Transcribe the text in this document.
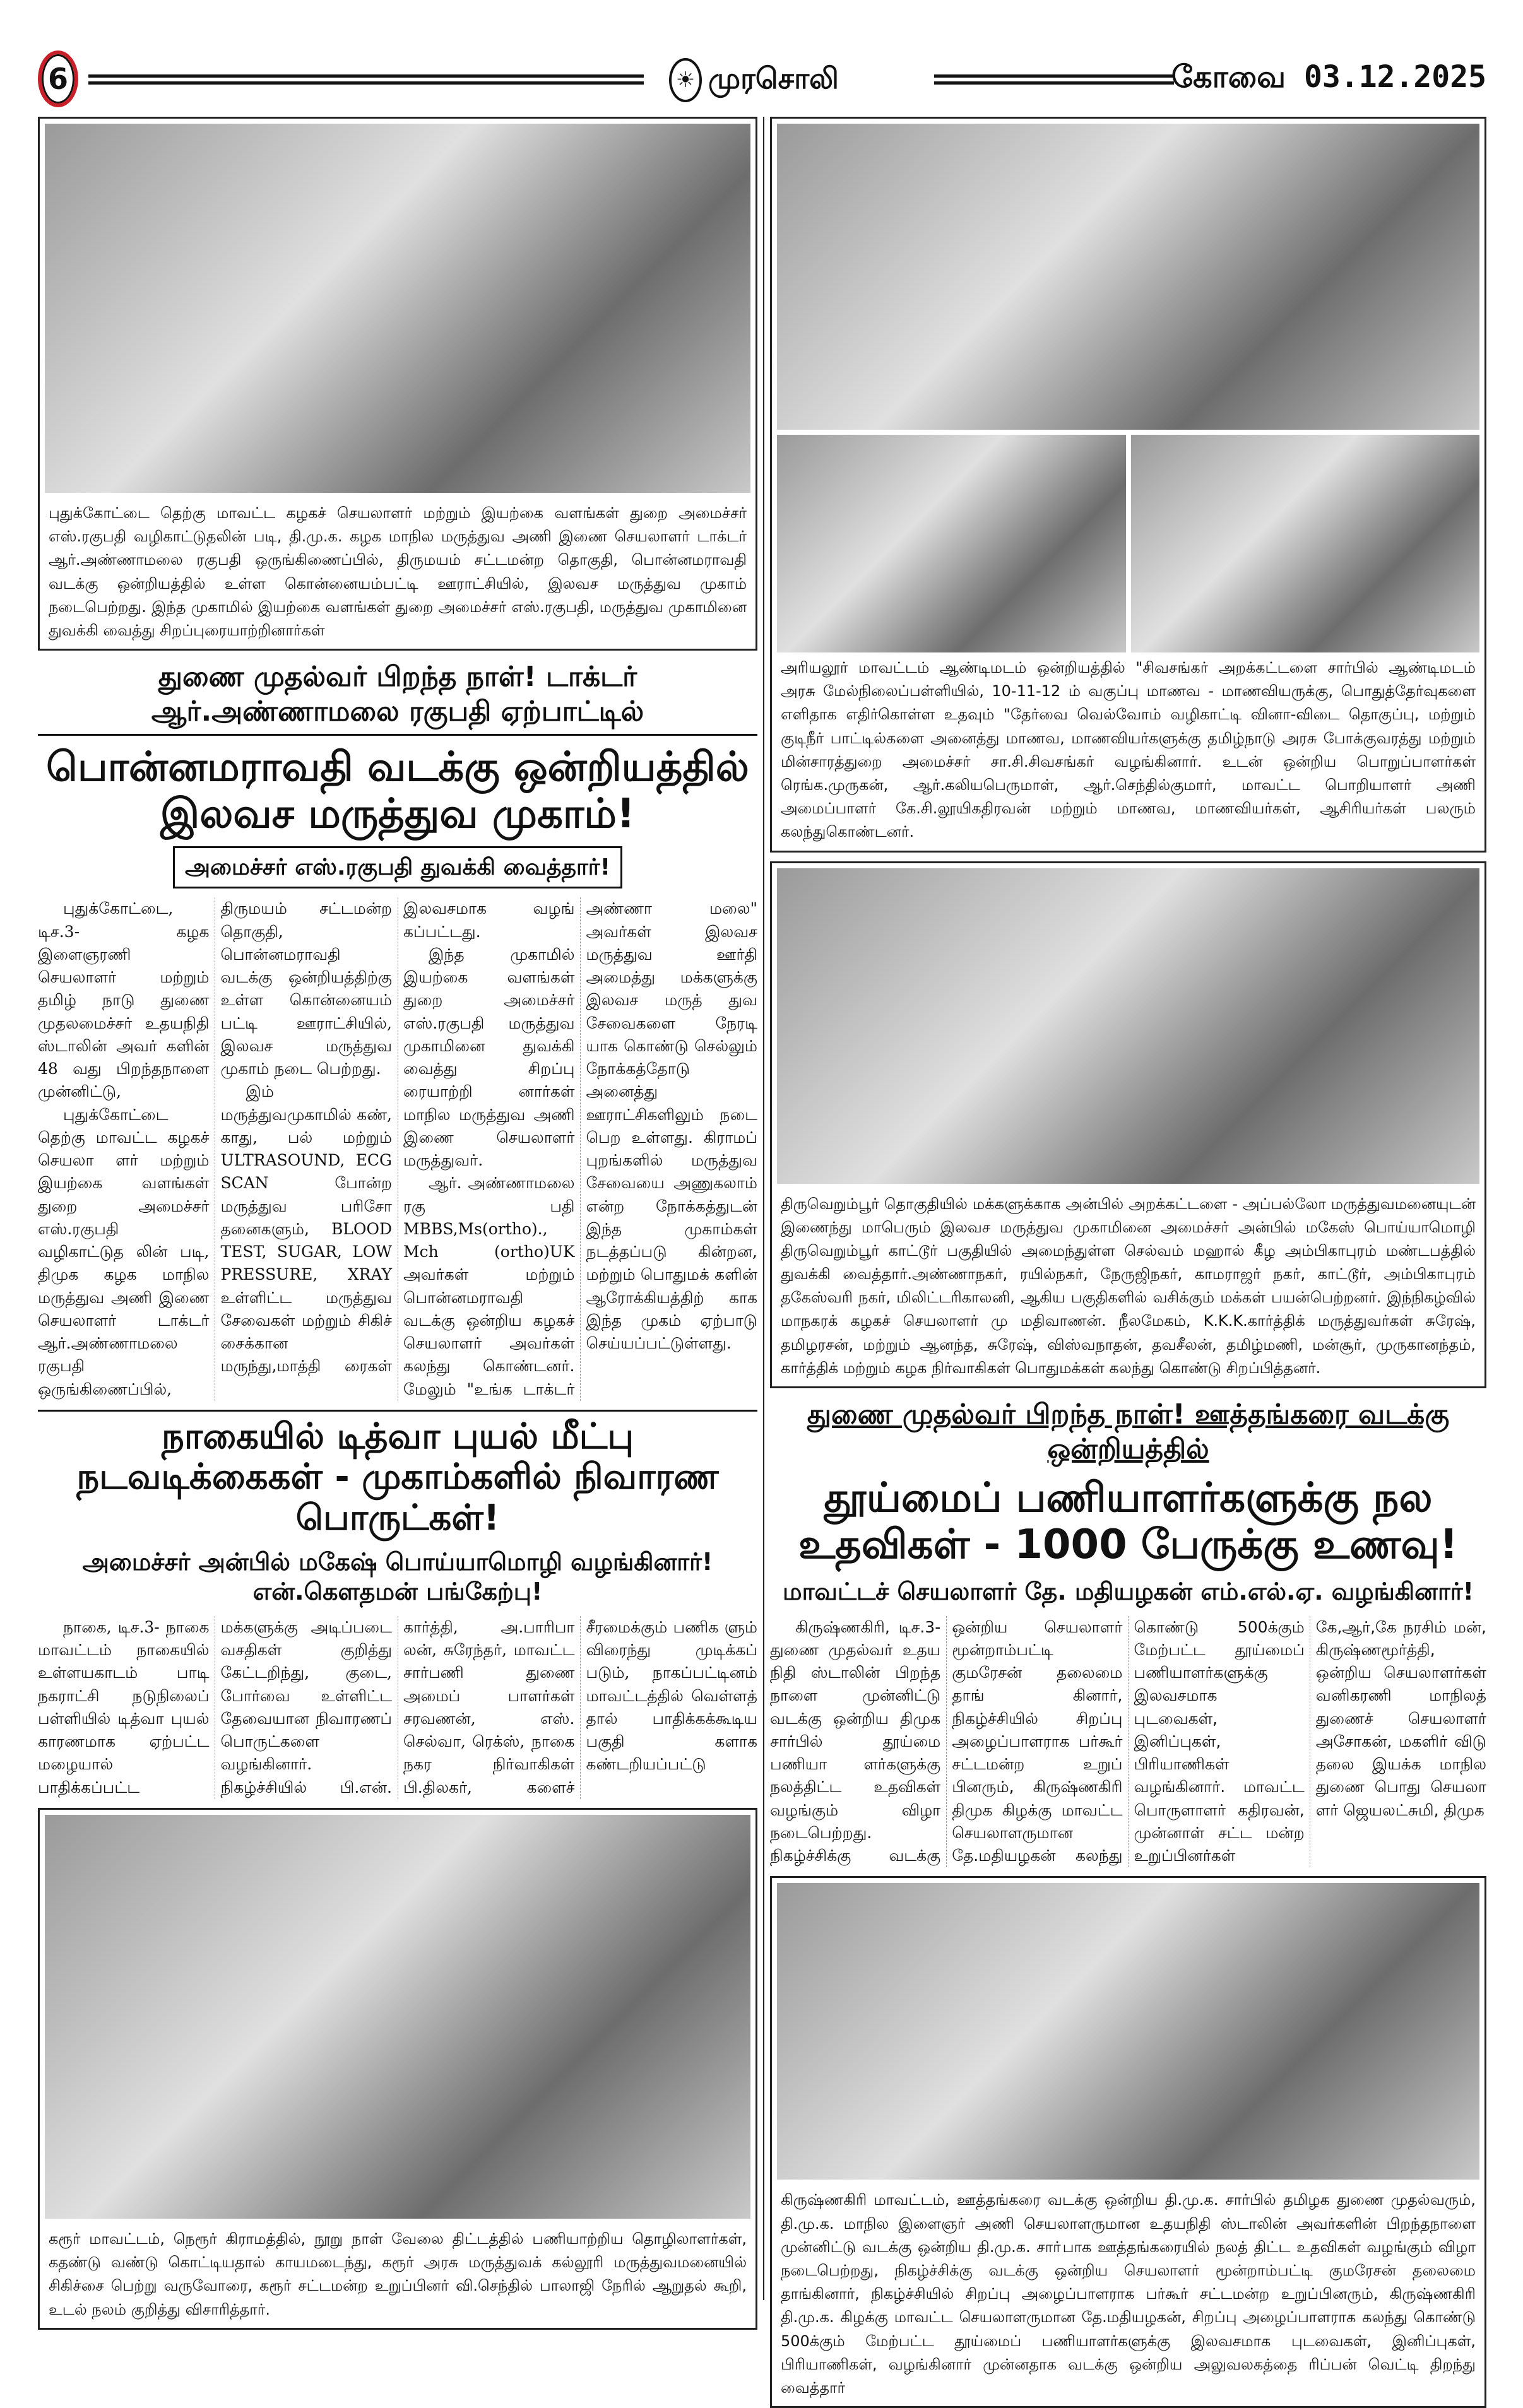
6	☀ முரசொலி	கோவை 03.12.2025
புதுக்கோட்டை தெற்கு மாவட்ட கழகச் செயலாளர் மற்றும் இயற்கை வளங்கள் துறை அமைச்சர் எஸ்.ரகுபதி வழிகாட்டுதலின் படி, தி.மு.க. கழக மாநில மருத்துவ அணி இணை செயலாளர் டாக்டர் ஆர்.அண்ணாமலை ரகுபதி ஒருங்கிணைப்பில், திருமயம் சட்டமன்ற தொகுதி, பொன்னமராவதி வடக்கு ஒன்றியத்தில் உள்ள கொன்னையம்பட்டி ஊராட்சியில், இலவச மருத்துவ முகாம் நடைபெற்றது. இந்த முகாமில் இயற்கை வளங்கள் துறை அமைச்சர் எஸ்.ரகுபதி, மருத்துவ முகாமினை துவக்கி வைத்து சிறப்புரையாற்றினார்கள்
துணை முதல்வர் பிறந்த நாள்! டாக்டர் ஆர்.அண்ணாமலை ரகுபதி ஏற்பாட்டில்
பொன்னமராவதி வடக்கு ஒன்றியத்தில் இலவச மருத்துவ முகாம்!
அமைச்சர் எஸ்.ரகுபதி துவக்கி வைத்தார்!

புதுக்கோட்டை, டிச.3- கழக இளைஞரணி செயலாளர் மற்றும் தமிழ் நாடு துணை முதலமைச்சர் உதயநிதி ஸ்டாலின் அவர் களின் 48 வது பிறந்தநாளை முன்னிட்டு,

புதுக்கோட்டை தெற்கு மாவட்ட கழகச் செயலா ளர் மற்றும் இயற்கை வளங்கள் துறை அமைச்சர் எஸ்.ரகுபதி வழிகாட்டுத லின் படி, திமுக கழக மாநில மருத்துவ அணி இணை செயலாளர் டாக்டர் ஆர்.அண்ணாமலை ரகுபதி ஒருங்கிணைப்பில், திருமயம் சட்டமன்ற தொகுதி, பொன்னமராவதி வடக்கு ஒன்றியத்திற்கு உள்ள கொன்னையம் பட்டி ஊராட்சியில், இலவச மருத்துவ முகாம் நடை பெற்றது.

இம் மருத்துவமுகாமில் கண், காது, பல் மற்றும் ULTRASOUND, ECG SCAN போன்ற மருத்துவ பரிசோ தனைகளும், BLOOD TEST, SUGAR, LOW PRESSURE, XRAY உள்ளிட்ட மருத்துவ சேவைகள் மற்றும் சிகிச் சைக்கான மருந்து,மாத்தி ரைகள் இலவசமாக வழங் கப்பட்டது.

இந்த முகாமில் இயற்கை வளங்கள் துறை அமைச்சர் எஸ்.ரகுபதி மருத்துவ முகாமினை துவக்கி வைத்து சிறப்பு ரையாற்றி னார்கள் மாநில மருத்துவ அணி இணை செயலாளர் மருத்துவர்.

ஆர். அண்ணாமலை ரகு பதி MBBS,Ms(ortho)., Mch (ortho)UK அவர்கள் மற்றும் பொன்னமராவதி வடக்கு ஒன்றிய கழகச் செயலாளர் அவர்கள் கலந்து கொண்டனர். மேலும் "உங்க டாக்டர் அண்ணா மலை" அவர்கள் இலவச மருத்துவ ஊர்தி அமைத்து மக்களுக்கு இலவச மருத் துவ சேவைகளை நேரடி யாக கொண்டு செல்லும் நோக்கத்தோடு அனைத்து ஊராட்சிகளிலும் நடை பெற உள்ளது. கிராமப் புறங்களில் மருத்துவ சேவையை அணுகலாம் என்ற நோக்கத்துடன் இந்த முகாம்கள் நடத்தப்படு கின்றன, மற்றும் பொதுமக் களின் ஆரோக்கியத்திற் காக இந்த முகம் ஏற்பாடு செய்யப்பட்டுள்ளது.

நாகையில் டித்வா புயல் மீட்பு நடவடிக்கைகள் - முகாம்களில் நிவாரண பொருட்கள்!
அமைச்சர் அன்பில் மகேஷ் பொய்யாமொழி வழங்கினார்! என்.கௌதமன் பங்கேற்பு!

நாகை, டிச.3- நாகை மாவட்டம் நாகையில் உள்ளயகாடம் பாடி நகராட்சி நடுநிலைப் பள்ளியில் டித்வா புயல் காரணமாக ஏற்பட்ட மழையால் பாதிக்கப்பட்ட மக்களுக்கு அடிப்படை வசதிகள் குறித்து கேட்டறிந்து, குடை, போர்வை உள்ளிட்ட தேவையான நிவாரணப் பொருட்களை வழங்கினார். நிகழ்ச்சியில் பி.என். கார்த்தி, அ.பாரிபா லன், சுரேந்தர், மாவட்ட சார்பணி துணை அமைப் பாளர்கள் சரவணன், எஸ். செல்வா, ரெக்ஸ், நாகை நகர நிர்வாகிகள் பி.திலகர், களைச் சீரமைக்கும் பணிக ளும் விரைந்து முடிக்கப் படும், நாகப்பட்டினம் மாவட்டத்தில் வெள்ளத் தால் பாதிக்கக்கூடிய பகுதி களாக கண்டறியப்பட்டு

கரூர் மாவட்டம், நெரூர் கிராமத்தில், நூறு நாள் வேலை திட்டத்தில் பணியாற்றிய தொழிலாளர்கள், கதண்டு வண்டு கொட்டியதால் காயமடைந்து, கரூர் அரசு மருத்துவக் கல்லூரி மருத்துவமனையில் சிகிச்சை பெற்று வருவோரை, கரூர் சட்டமன்ற உறுப்பினர் வி.செந்தில் பாலாஜி நேரில் ஆறுதல் கூறி, உடல் நலம் குறித்து விசாரித்தார்.
அரியலூர் மாவட்டம் ஆண்டிமடம் ஒன்றியத்தில் "சிவசங்கர் அறக்கட்டளை சார்பில் ஆண்டிமடம் அரசு மேல்நிலைப்பள்ளியில், 10-11-12 ம் வகுப்பு மாணவ - மாணவியருக்கு, பொதுத்தேர்வுகளை எளிதாக எதிர்கொள்ள உதவும் "தேர்வை வெல்வோம் வழிகாட்டி வினா-விடை தொகுப்பு, மற்றும் குடிநீர் பாட்டில்களை அனைத்து மாணவ, மாணவியர்களுக்கு தமிழ்நாடு அரசு போக்குவரத்து மற்றும் மின்சாரத்துறை அமைச்சர் சா.சி.சிவசங்கர் வழங்கினார். உடன் ஒன்றிய பொறுப்பாளர்கள் ரெங்க.முருகன், ஆர்.கலியபெருமாள், ஆர்.செந்தில்குமார், மாவட்ட பொறியாளர் அணி அமைப்பாளர் கே.சி.லூயிகதிரவன் மற்றும் மாணவ, மாணவியர்கள், ஆசிரியர்கள் பலரும் கலந்துகொண்டனர்.
திருவெறும்பூர் தொகுதியில் மக்களுக்காக அன்பில் அறக்கட்டளை - அப்பல்லோ மருத்துவமனையுடன் இணைந்து மாபெரும் இலவச மருத்துவ முகாமினை அமைச்சர் அன்பில் மகேஸ் பொய்யாமொழி திருவெறும்பூர் காட்டூர் பகுதியில் அமைந்துள்ள செல்வம் மஹால் கீழ அம்பிகாபுரம் மண்டபத்தில் துவக்கி வைத்தார்.அண்ணாநகர், ரயில்நகர், நேருஜிநகர், காமராஜர் நகர், காட்டூர், அம்பிகாபுரம் தகேஸ்வரி நகர், மிலிட்டரிகாலனி, ஆகிய பகுதிகளில் வசிக்கும் மக்கள் பயன்பெற்றனர். இந்நிகழ்வில் மாநகரக் கழகச் செயலாளர் மு மதிவாணன். நீலமேகம், K.K.K.கார்த்திக் மருத்துவர்கள் சுரேஷ், தமிழரசன், மற்றும் ஆனந்த, சுரேஷ், விஸ்வநாதன், தவசீலன், தமிழ்மணி, மன்சூர், முருகானந்தம், கார்த்திக் மற்றும் கழக நிர்வாகிகள் பொதுமக்கள் கலந்து கொண்டு சிறப்பித்தனர்.
துணை முதல்வர் பிறந்த நாள்! ஊத்தங்கரை வடக்கு ஒன்றியத்தில்
தூய்மைப் பணியாளர்களுக்கு நல உதவிகள் - 1000 பேருக்கு உணவு!
மாவட்டச் செயலாளர் தே. மதியழகன் எம்.எல்.ஏ. வழங்கினார்!

கிருஷ்ணகிரி, டிச.3- துணை முதல்வர் உதய நிதி ஸ்டாலின் பிறந்த நாளை முன்னிட்டு வடக்கு ஒன்றிய திமுக சார்பில் தூய்மை பணியா ளர்களுக்கு நலத்திட்ட உதவிகள் வழங்கும் விழா நடைபெற்றது. நிகழ்ச்சிக்கு வடக்கு ஒன்றிய செயலாளர் மூன்றாம்பட்டி குமரேசன் தலைமை தாங் கினார், நிகழ்ச்சியில் சிறப்பு அழைப்பாளராக பர்கூர் சட்டமன்ற உறுப் பினரும், கிருஷ்ணகிரி திமுக கிழக்கு மாவட்ட செயலாளருமான தே.மதியழகன் கலந்து கொண்டு 500க்கும் மேற்பட்ட தூய்மைப் பணியாளர்களுக்கு இலவசமாக புடவைகள், இனிப்புகள், பிரியாணிகள் வழங்கினார். மாவட்ட பொருளாளர் கதிரவன், முன்னாள் சட்ட மன்ற உறுப்பினர்கள் கே,ஆர்,கே நரசிம் மன், கிருஷ்ணமூர்த்தி, ஒன்றிய செயலாளர்கள் வனிகரணி மாநிலத் துணைச் செயலாளர் அசோகன், மகளிர் விடு தலை இயக்க மாநில துணை பொது செயலா ளர் ஜெயலட்சுமி, திமுக

கிருஷ்ணகிரி மாவட்டம், ஊத்தங்கரை வடக்கு ஒன்றிய தி.மு.க. சார்பில் தமிழக துணை முதல்வரும், தி.மு.க. மாநில இளைஞர் அணி செயலாளருமான உதயநிதி ஸ்டாலின் அவர்களின் பிறந்தநாளை முன்னிட்டு வடக்கு ஒன்றிய தி.மு.க. சாா்பாக ஊத்தங்கரையில் நலத் திட்ட உதவிகள் வழங்கும் விழா நடைபெற்றது, நிகழ்ச்சிக்கு வடக்கு ஒன்றிய செயலாளர் மூன்றாம்பட்டி குமரேசன் தலைமை தாங்கினார், நிகழ்ச்சியில் சிறப்பு அழைப்பாளராக பர்கூர் சட்டமன்ற உறுப்பினரும், கிருஷ்ணகிரி தி.மு.க. கிழக்கு மாவட்ட செயலாளருமான தே.மதியழகன், சிறப்பு அழைப்பாளராக கலந்து கொண்டு 500க்கும் மேற்பட்ட தூய்மைப் பணியாளர்களுக்கு இலவசமாக புடவைகள், இனிப்புகள், பிரியாணிகள், வழங்கினார் முன்னதாக வடக்கு ஒன்றிய அலுவலகத்தை ரிப்பன் வெட்டி திறந்து வைத்தார்
